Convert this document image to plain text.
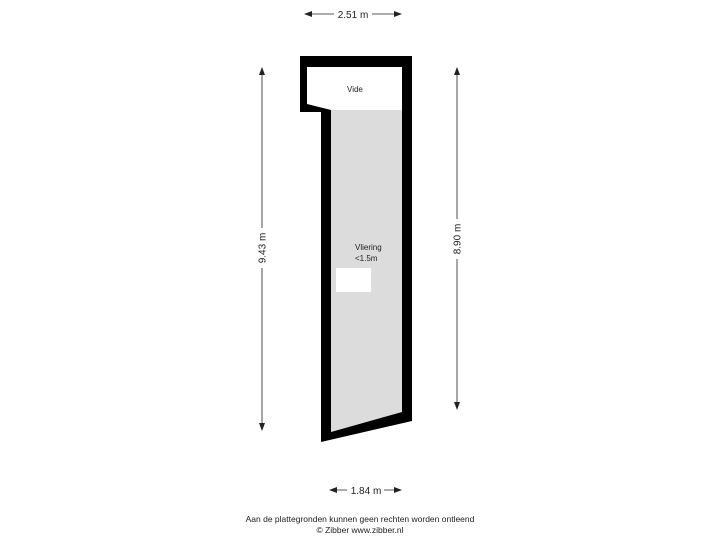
Vide
Vliering
<1.5m
2.51 m
1.84 m
9.43 m	8.90 m
Aan de plattegronden kunnen geen rechten worden ontleend
© Zibber www.zibber.nl
